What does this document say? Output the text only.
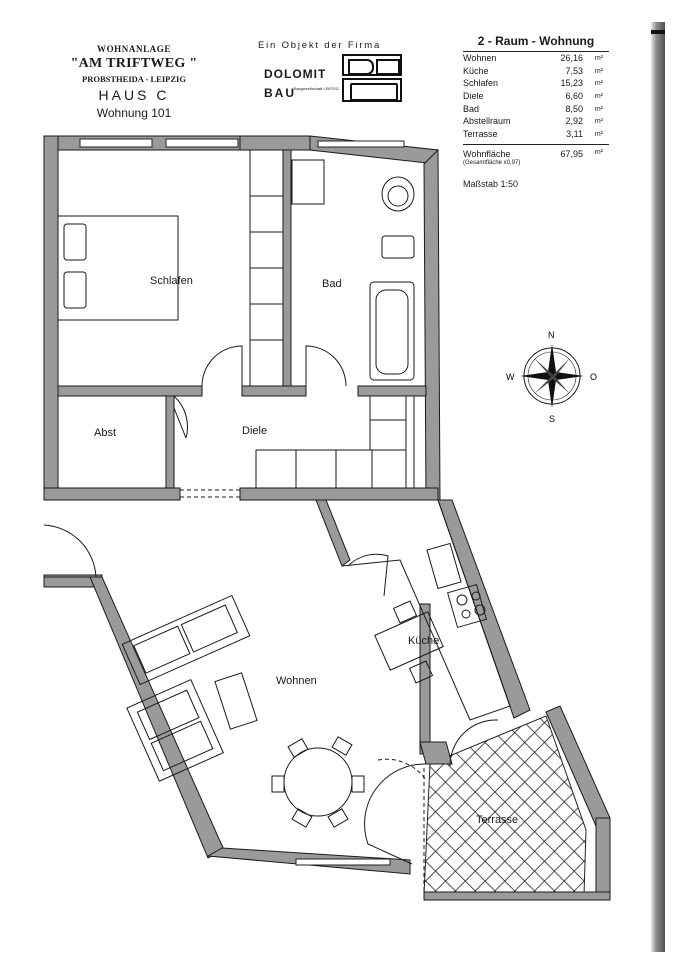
WOHNANLAGE
"AM TRIFTWEG "
PROBSTHEIDA - LEIPZIG
HAUS C
Wohnung 101
Ein Objekt der Firma
DOLOMIT
BAU
Baugesellschaft LEIPZIG
2 - Raum - Wohnung
Wohnen	26,16	m²
Küche	7,53	m²
Schlafen	15,23	m²
Diele	6,60	m²
Bad	8,50	m²
Abstellraum	2,92	m²
Terrasse	3,11	m²
Wohnfläche	67,95	m²
(Gesamtfläche x0,97)
Maßstab 1:50
Schlafen	Bad
Abst	Diele
Küche
Wohnen
Terrasse
N
S
W	O
